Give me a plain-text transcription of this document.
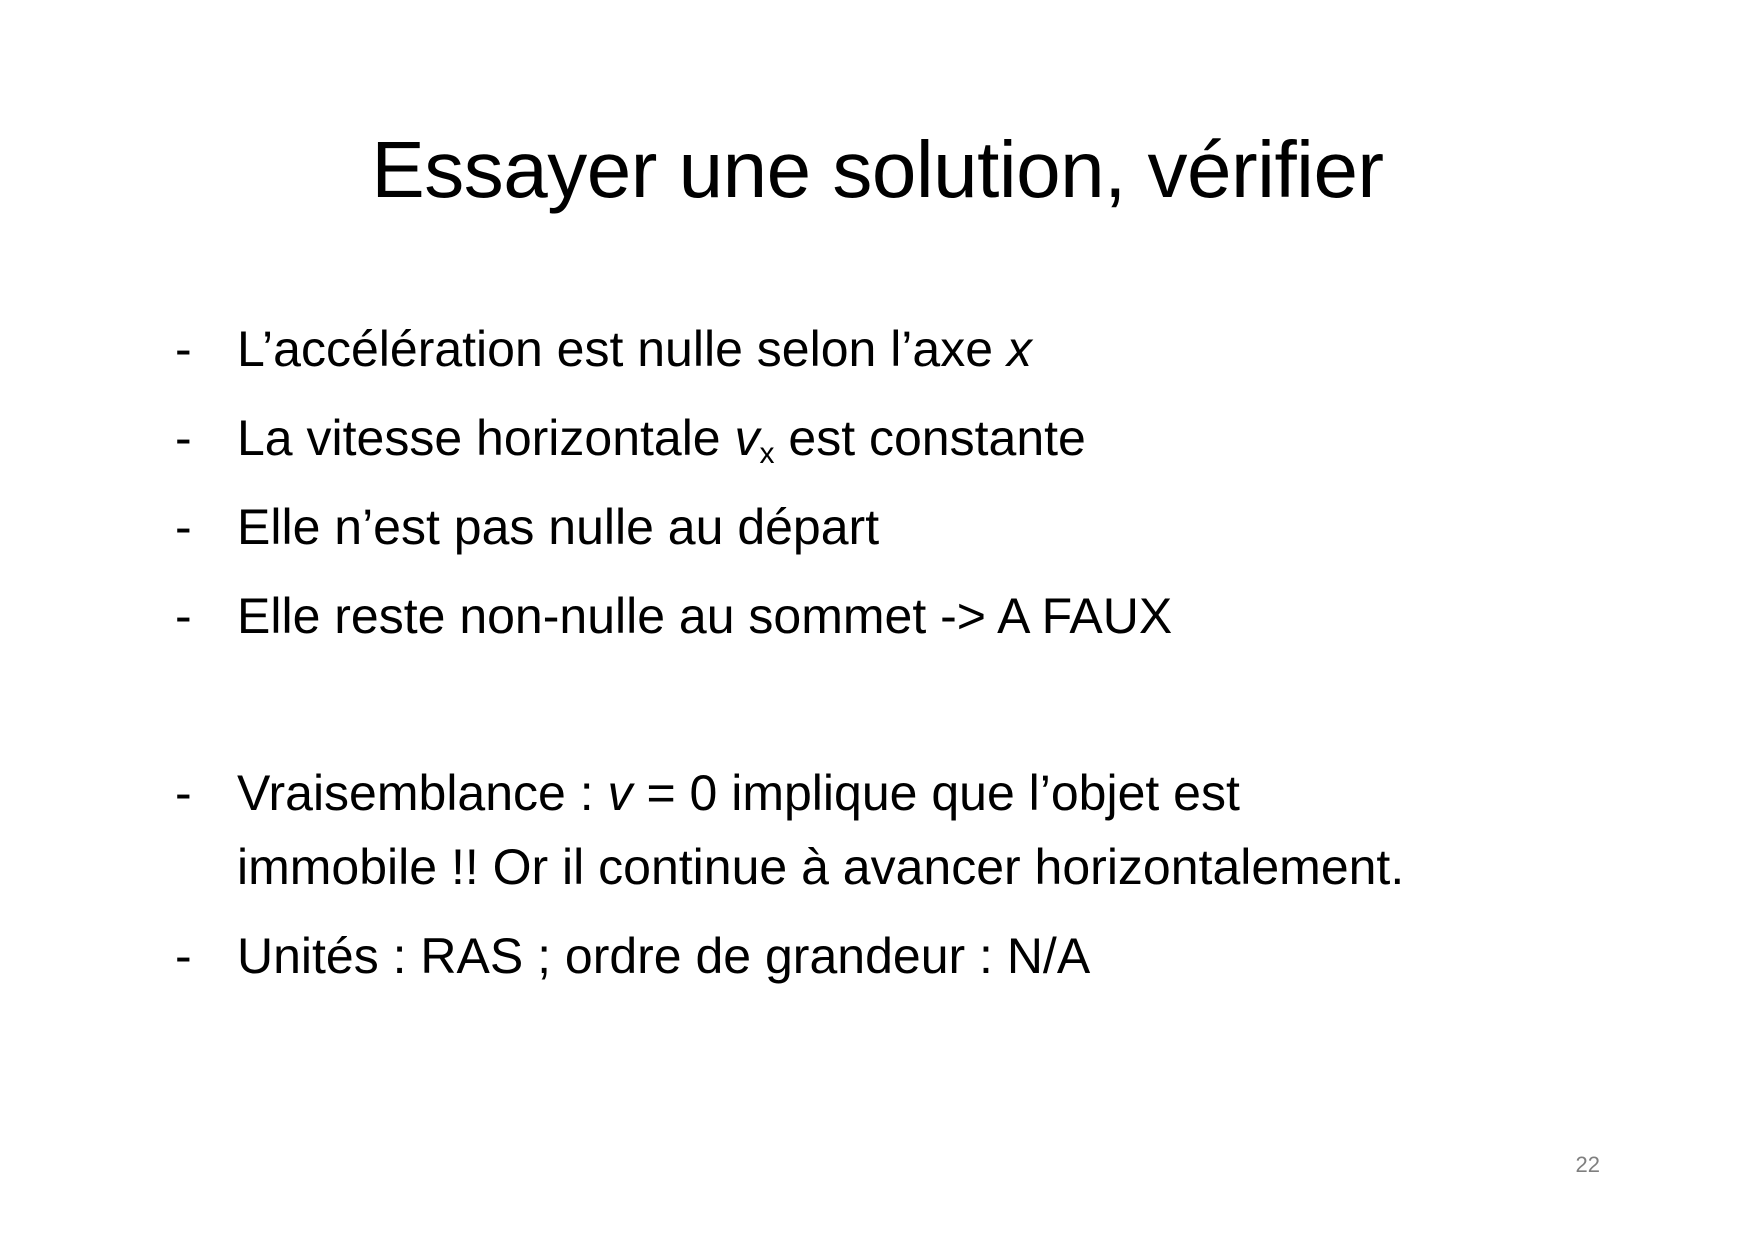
Essayer une solution, vérifier
- L’accélération est nulle selon l’axe x
- La vitesse horizontale $v_x$ est constante
- Elle n’est pas nulle au départ
- Elle reste non-nulle au sommet -> A FAUX
- Vraisemblance : v = 0 implique que l’objet est
immobile !! Or il continue à avancer horizontalement.
- Unités : RAS ; ordre de grandeur : N/A
22
